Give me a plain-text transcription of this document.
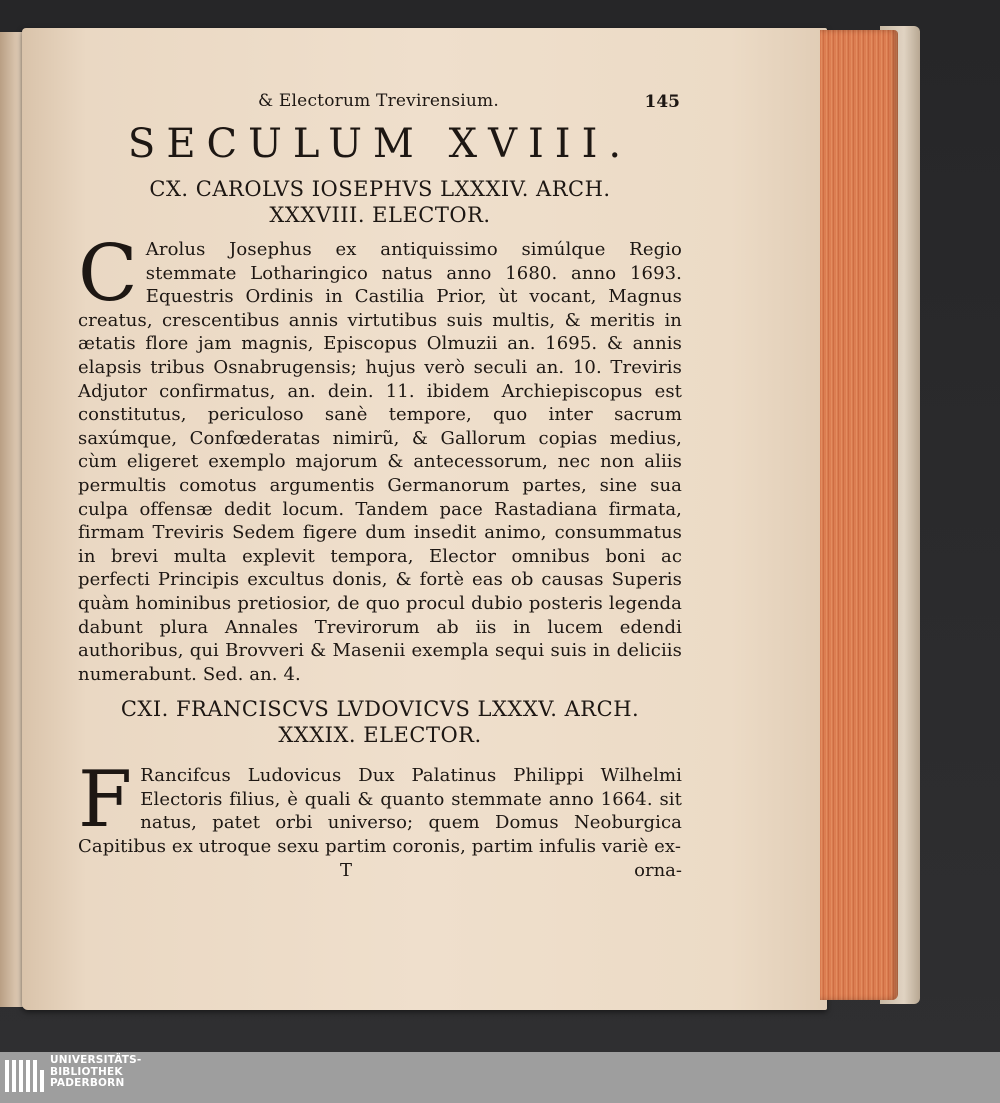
& Electorum Trevirensium.	145
SECULUM XVIII.
CX. CAROLVS IOSEPHVS LXXXIV. ARCH.
XXXVIII. ELECTOR.

C Arolus Josephus ex antiquissimo simúlque Regio stemmate Lotharingico natus anno 1680. anno 1693. Equestris Ordinis in Castilia Prior, ùt vocant, Magnus creatus, crescentibus annis virtutibus suis multis, & meritis in ætatis flore jam magnis, Episcopus Olmuzii an. 1695. & annis elapsis tribus Osnabrugensis; hujus verò seculi an. 10. Treviris Adjutor confirmatus, an. dein. 11. ibidem Archiepiscopus est constitutus, periculoso sanè tempore, quo inter sacrum saxúmque, Confœderatas nimirũ, & Gallorum copias medius, cùm eligeret exemplo majorum & antecessorum, nec non aliis permultis comotus argumentis Germanorum partes, sine sua culpa offensæ dedit locum. Tandem pace Rastadiana firmata, firmam Treviris Sedem figere dum insedit animo, consummatus in brevi multa explevit tempora, Elector omnibus boni ac perfecti Principis excultus donis, & fortè eas ob causas Superis quàm hominibus pretiosior, de quo procul dubio posteris legenda dabunt plura Annales Trevirorum ab iis in lucem edendi authoribus, qui Brovveri & Masenii exempla sequi suis in deliciis numerabunt. Sed. an. 4.

CXI. FRANCISCVS LVDOVICVS LXXXV. ARCH.
XXXIX. ELECTOR.

F Rancifcus Ludovicus Dux Palatinus Philippi Wilhelmi Electoris filius, è quali & quanto stemmate anno 1664. sit natus, patet orbi universo; quem Domus Neoburgica Capitibus ex utroque sexu partim coronis, partim infulis variè ex-

T	orna-
UNIVERSITÄTS-
BIBLIOTHEK
PADERBORN
